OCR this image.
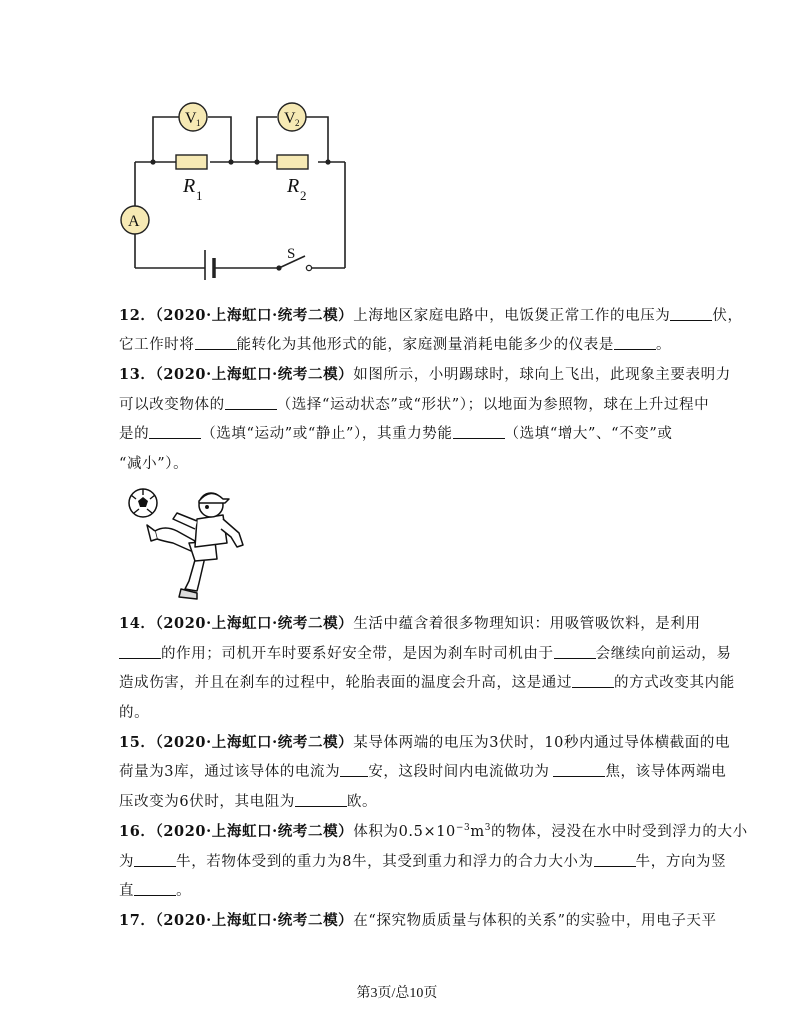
V 1	V 2
A
R 1	R 2
S
12．（2020·上海虹口·统考二模）上海地区家庭电路中，电饭煲正常工作的电压为	伏，
它工作时将	能转化为其他形式的能，家庭测量消耗电能多少的仪表是	。
13．（2020·上海虹口·统考二模）如图所示，小明踢球时，球向上飞出，此现象主要表明力
可以改变物体的	（选择“运动状态”或“形状”）；以地面为参照物，球在上升过程中
是的	（选填“运动”或“静止”），其重力势能	（选填“增大”、“不变”或
“减小”）。
14．（2020·上海虹口·统考二模）生活中蕴含着很多物理知识：用吸管吸饮料，是利用
的作用；司机开车时要系好安全带，是因为刹车时司机由于	会继续向前运动，易
造成伤害，并且在刹车的过程中，轮胎表面的温度会升高，这是通过	的方式改变其内能
的。
15．（2020·上海虹口·统考二模）某导体两端的电压为3伏时，10秒内通过导体横截面的电
荷量为3库，通过该导体的电流为 安，这段时间内电流做功为	焦，该导体两端电
压改变为6伏时，其电阻为	欧。
16．（2020·上海虹口·统考二模）体积为$0.5\times 10^{-3}m^3$的物体，浸没在水中时受到浮力的大小
为	牛，若物体受到的重力为8牛，其受到重力和浮力的合力大小为	牛，方向为竖
直	。
17．（2020·上海虹口·统考二模）在“探究物质质量与体积的关系”的实验中，用电子天平
第3页/总10页
